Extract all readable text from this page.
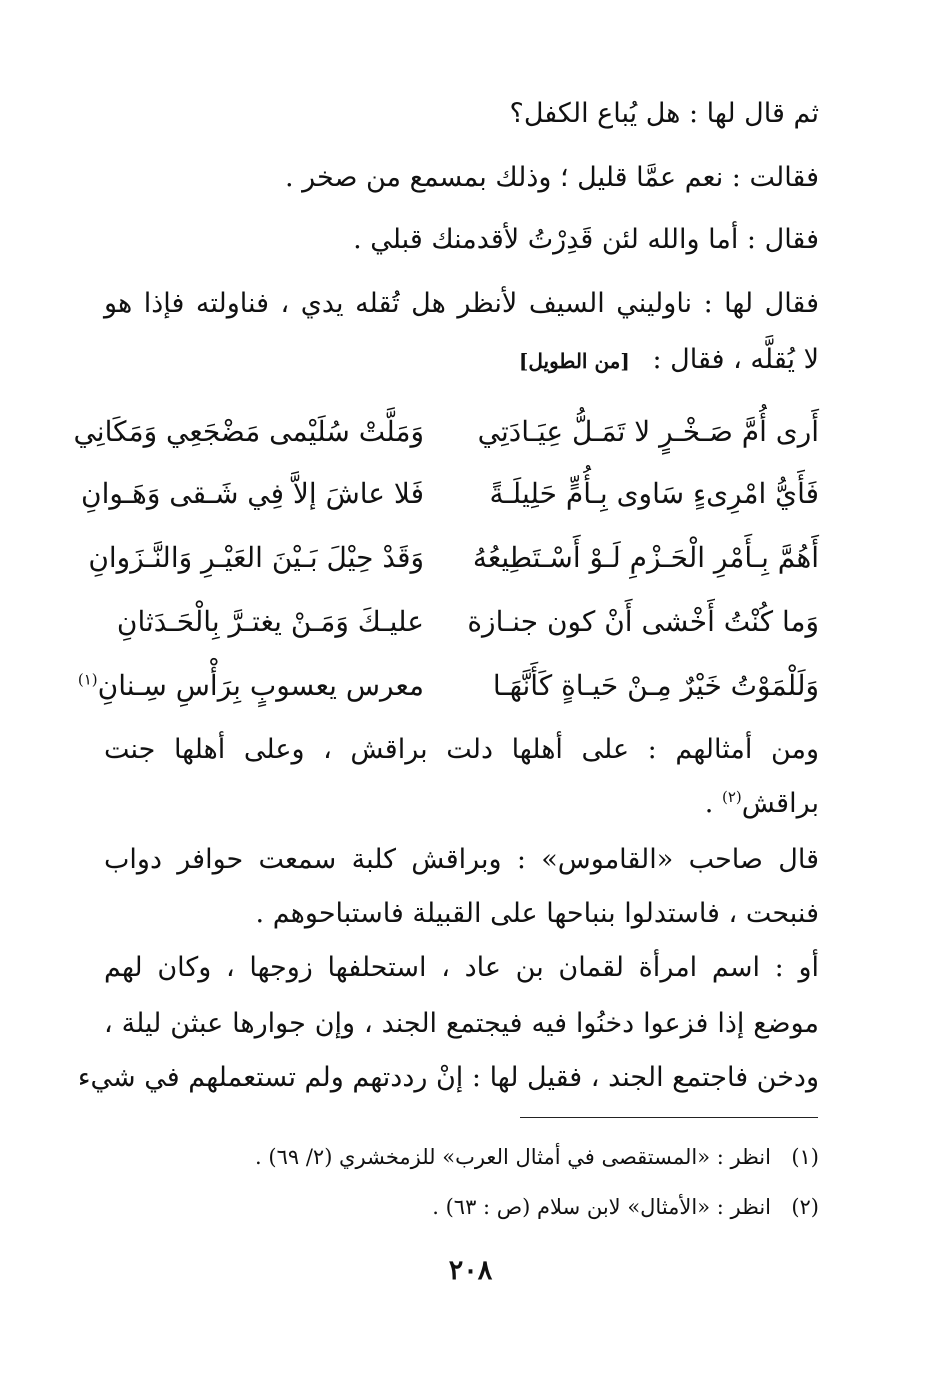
ثم قال لها : هل يُباع الكفل؟
فقالت : نعم عمَّا قليل ؛ وذلك بمسمع من صخر .
فقال : أما والله لئن قَدِرْتُ لأقدمنك قبلي .
فقال لها : ناوليني السيف لأنظر هل تُقله يدي ، فناولته فإذا هو
لا يُقلَّه ، فقال : [من الطويل]
أَرى أُمَّ صَـخْـرٍ لا تَمَـلُّ عِيَـادَتِي
وَمَلَّتْ سُلَيْمى مَضْجَعِي وَمَكَانِي
فَأَيُّ امْرِىءٍ سَاوى بِـأُمٍّ حَلِيلَـةً
فَلا عاشَ إلاَّ فِي شَـقى وَهَـوانِ
أَهُمَّ بِـأَمْرِ الْحَـزْمِ لَـوْ أَسْـتَطِيعُهُ
وَقَدْ حِيْلَ بَـيْنَ العَيْـرِ وَالنَّـزَوانِ
وَما كُنْتُ أَخْشى أَنْ كون جنـازة
عليـكَ وَمَـنْ يغتـرَّ بِالْحَـدَثانِ
وَلَلْمَوْتُ خَيْرٌ مِـنْ حَيـاةٍ كَأَنَّهَـا
معرس يعسوبٍ بِرَأْسِ سِـنانِ$^{(١)}$
ومن أمثالهم : على أهلها دلت براقش ، وعلى أهلها جنت
براقش$^{(٢)}$ .
قال صاحب «القاموس» : وبراقش كلبة سمعت حوافر دواب
فنبحت ، فاستدلوا بنباحها على القبيلة فاستباحوهم .
أو : اسم امرأة لقمان بن عاد ، استحلفها زوجها ، وكان لهم
موضع إذا فزعوا دخنُوا فيه فيجتمع الجند ، وإن جوارها عبثن ليلة ،
ودخن فاجتمع الجند ، فقيل لها : إنْ رددتهم ولم تستعملهم في شيء
(١)انظر : «المستقصى في أمثال العرب» للزمخشري (٢/ ٦٩) .
(٢)انظر : «الأمثال» لابن سلام (ص : ٦٣) .
٢٠٨
